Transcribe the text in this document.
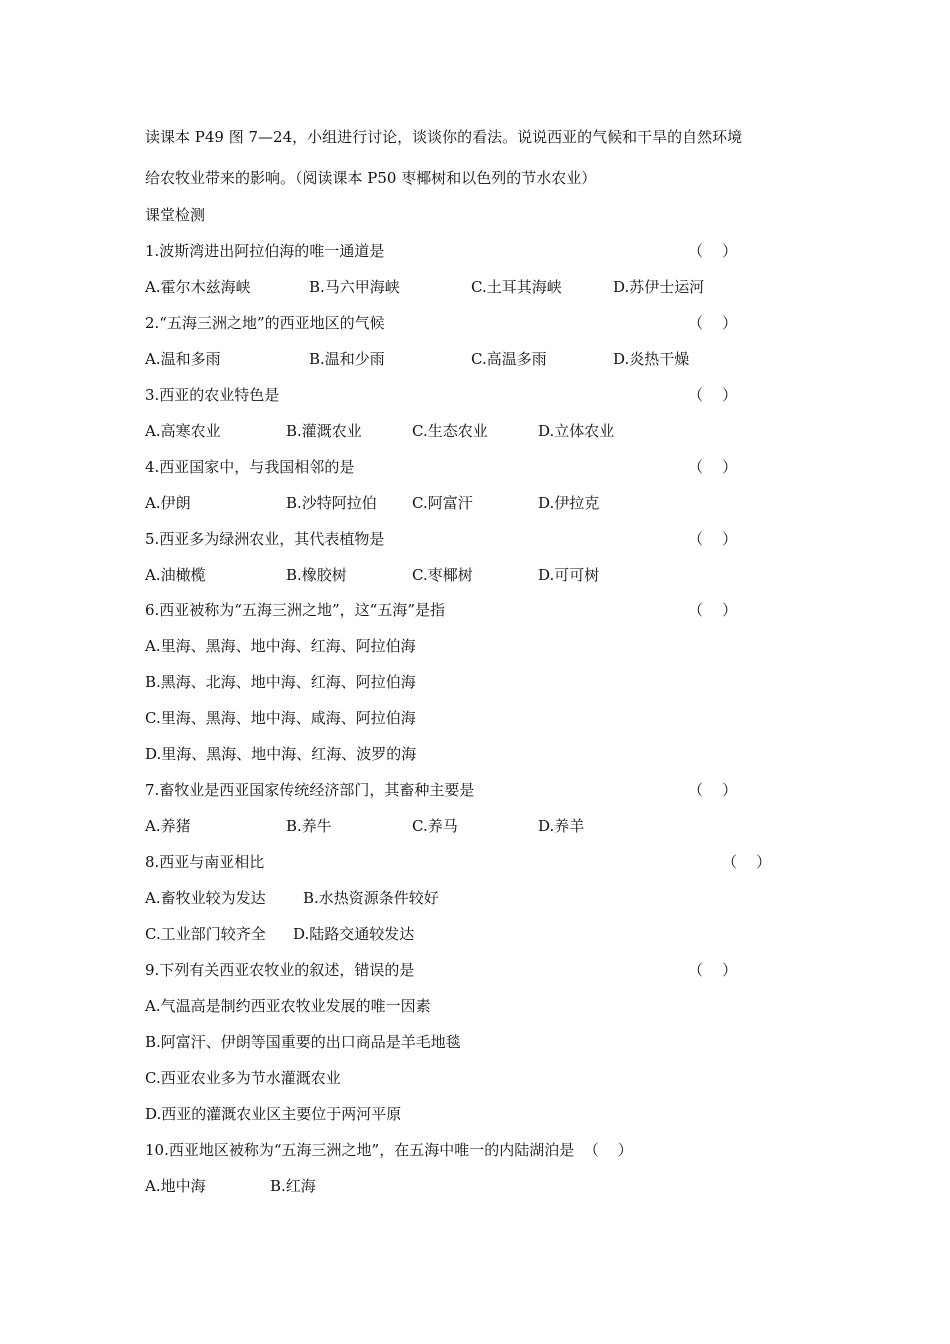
读课本 P49 图 7—24，小组进行讨论，谈谈你的看法。说说西亚的气候和干旱的自然环境
给农牧业带来的影响。（阅读课本 P50 枣椰树和以色列的节水农业）
课堂检测
1.波斯湾进出阿拉伯海的唯一通道是	（    ）
A.霍尔木兹海峡	B.马六甲海峡	C.土耳其海峡	D.苏伊士运河
2.“五海三洲之地”的西亚地区的气候	（    ）
A.温和多雨	B.温和少雨	C.高温多雨	D.炎热干燥
3.西亚的农业特色是	（    ）
A.高寒农业	B.灌溉农业	C.生态农业	D.立体农业
4.西亚国家中，与我国相邻的是	（    ）
A.伊朗	B.沙特阿拉伯 C.阿富汗	D.伊拉克
5.西亚多为绿洲农业，其代表植物是	（    ）
A.油橄榄	B.橡胶树	C.枣椰树	D.可可树
6.西亚被称为“五海三洲之地”，这“五海”是指	（    ）
A.里海、黑海、地中海、红海、阿拉伯海
B.黑海、北海、地中海、红海、阿拉伯海
C.里海、黑海、地中海、咸海、阿拉伯海
D.里海、黑海、地中海、红海、波罗的海
7.畜牧业是西亚国家传统经济部门，其畜种主要是	（    ）
A.养猪	B.养牛	C.养马	D.养羊
8.西亚与南亚相比	（    ）
A.畜牧业较为发达 B.水热资源条件较好
C.工业部门较齐全 D.陆路交通较发达
9.下列有关西亚农牧业的叙述，错误的是	（    ）
A.气温高是制约西亚农牧业发展的唯一因素
B.阿富汗、伊朗等国重要的出口商品是羊毛地毯
C.西亚农业多为节水灌溉农业
D.西亚的灌溉农业区主要位于两河平原
10.西亚地区被称为“五海三洲之地”，在五海中唯一的内陆湖泊是  （    ）
A.地中海	B.红海
